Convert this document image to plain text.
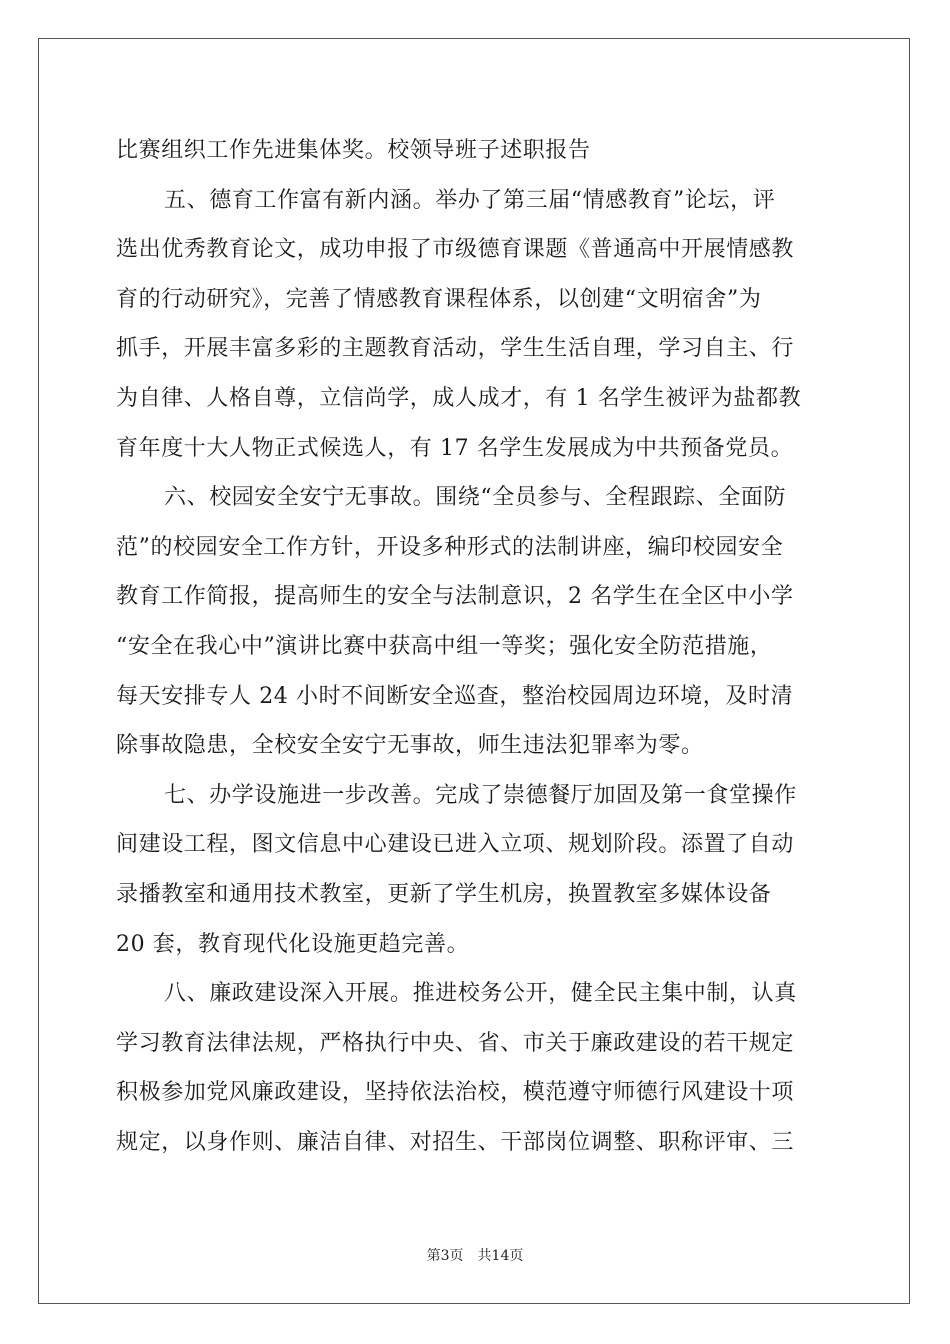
比赛组织工作先进集体奖。校领导班子述职报告
五、德育工作富有新内涵。举办了第三届“情感教育”论坛，评
选出优秀教育论文，成功申报了市级德育课题《普通高中开展情感教
育的行动研究》，完善了情感教育课程体系，以创建“文明宿舍”为
抓手，开展丰富多彩的主题教育活动，学生生活自理，学习自主、行
为自律、人格自尊，立信尚学，成人成才，有 1 名学生被评为盐都教
育年度十大人物正式候选人，有 17 名学生发展成为中共预备党员。
六、校园安全安宁无事故。围绕“全员参与、全程跟踪、全面防
范”的校园安全工作方针，开设多种形式的法制讲座，编印校园安全
教育工作简报，提高师生的安全与法制意识，2 名学生在全区中小学
“安全在我心中”演讲比赛中获高中组一等奖；强化安全防范措施，
每天安排专人 24 小时不间断安全巡查，整治校园周边环境，及时清
除事故隐患，全校安全安宁无事故，师生违法犯罪率为零。
七、办学设施进一步改善。完成了崇德餐厅加固及第一食堂操作
间建设工程，图文信息中心建设已进入立项、规划阶段。添置了自动
录播教室和通用技术教室，更新了学生机房，换置教室多媒体设备
20 套，教育现代化设施更趋完善。
八、廉政建设深入开展。推进校务公开，健全民主集中制，认真
学习教育法律法规，严格执行中央、省、市关于廉政建设的若干规定
积极参加党风廉政建设，坚持依法治校，模范遵守师德行风建设十项
规定，以身作则、廉洁自律、对招生、干部岗位调整、职称评审、三
第3页 共14页
